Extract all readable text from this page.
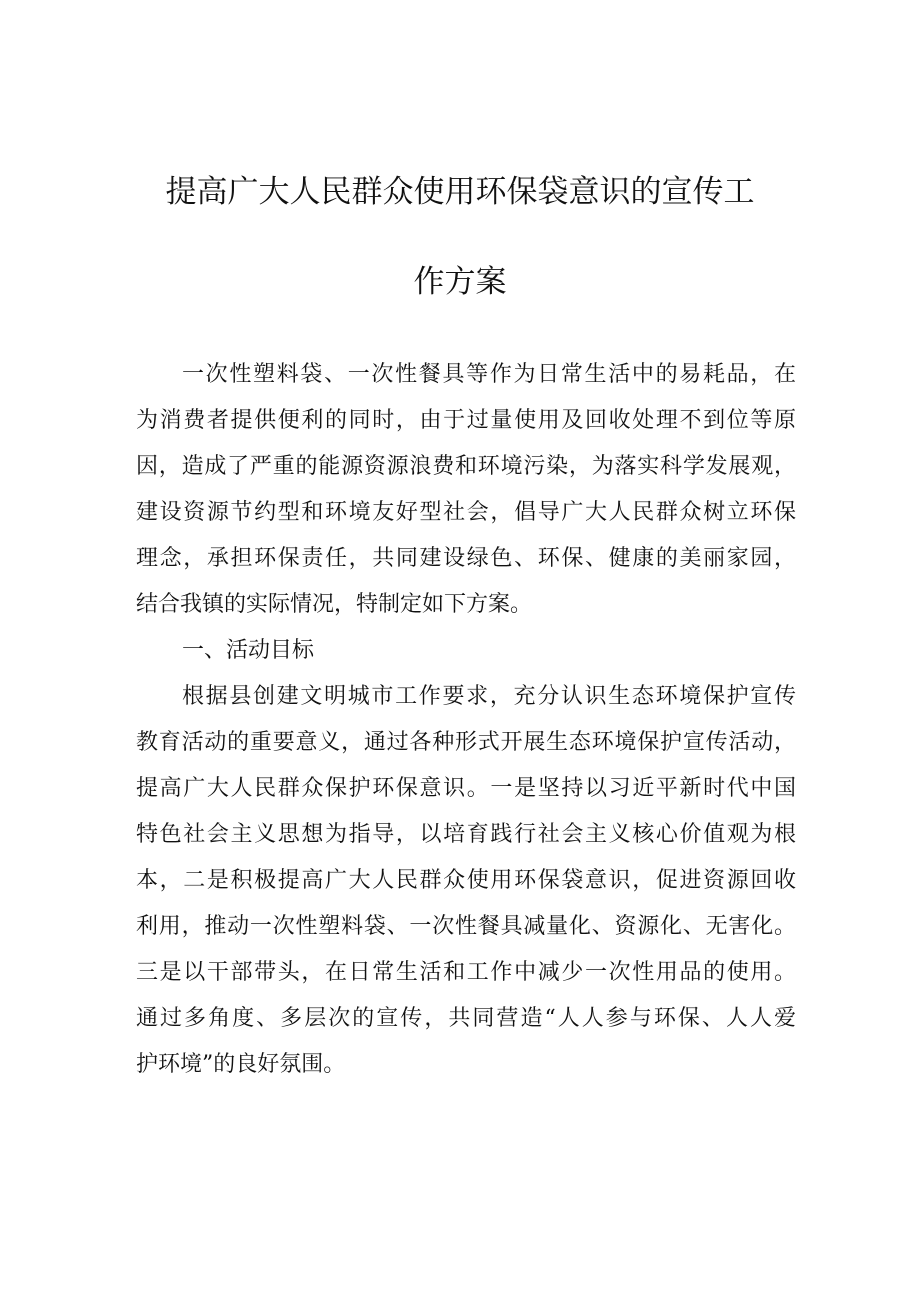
提高广大人民群众使用环保袋意识的宣传工
作方案
一次性塑料袋、一次性餐具等作为日常生活中的易耗品，在
为消费者提供便利的同时，由于过量使用及回收处理不到位等原
因，造成了严重的能源资源浪费和环境污染，为落实科学发展观，
建设资源节约型和环境友好型社会，倡导广大人民群众树立环保
理念，承担环保责任，共同建设绿色、环保、健康的美丽家园，
结合我镇的实际情况，特制定如下方案。
一、活动目标
根据县创建文明城市工作要求，充分认识生态环境保护宣传
教育活动的重要意义，通过各种形式开展生态环境保护宣传活动，
提高广大人民群众保护环保意识。一是坚持以习近平新时代中国
特色社会主义思想为指导，以培育践行社会主义核心价值观为根
本，二是积极提高广大人民群众使用环保袋意识，促进资源回收
利用，推动一次性塑料袋、一次性餐具减量化、资源化、无害化。
三是以干部带头，在日常生活和工作中减少一次性用品的使用。
通过多角度、多层次的宣传，共同营造“人人参与环保、人人爱
护环境”的良好氛围。
